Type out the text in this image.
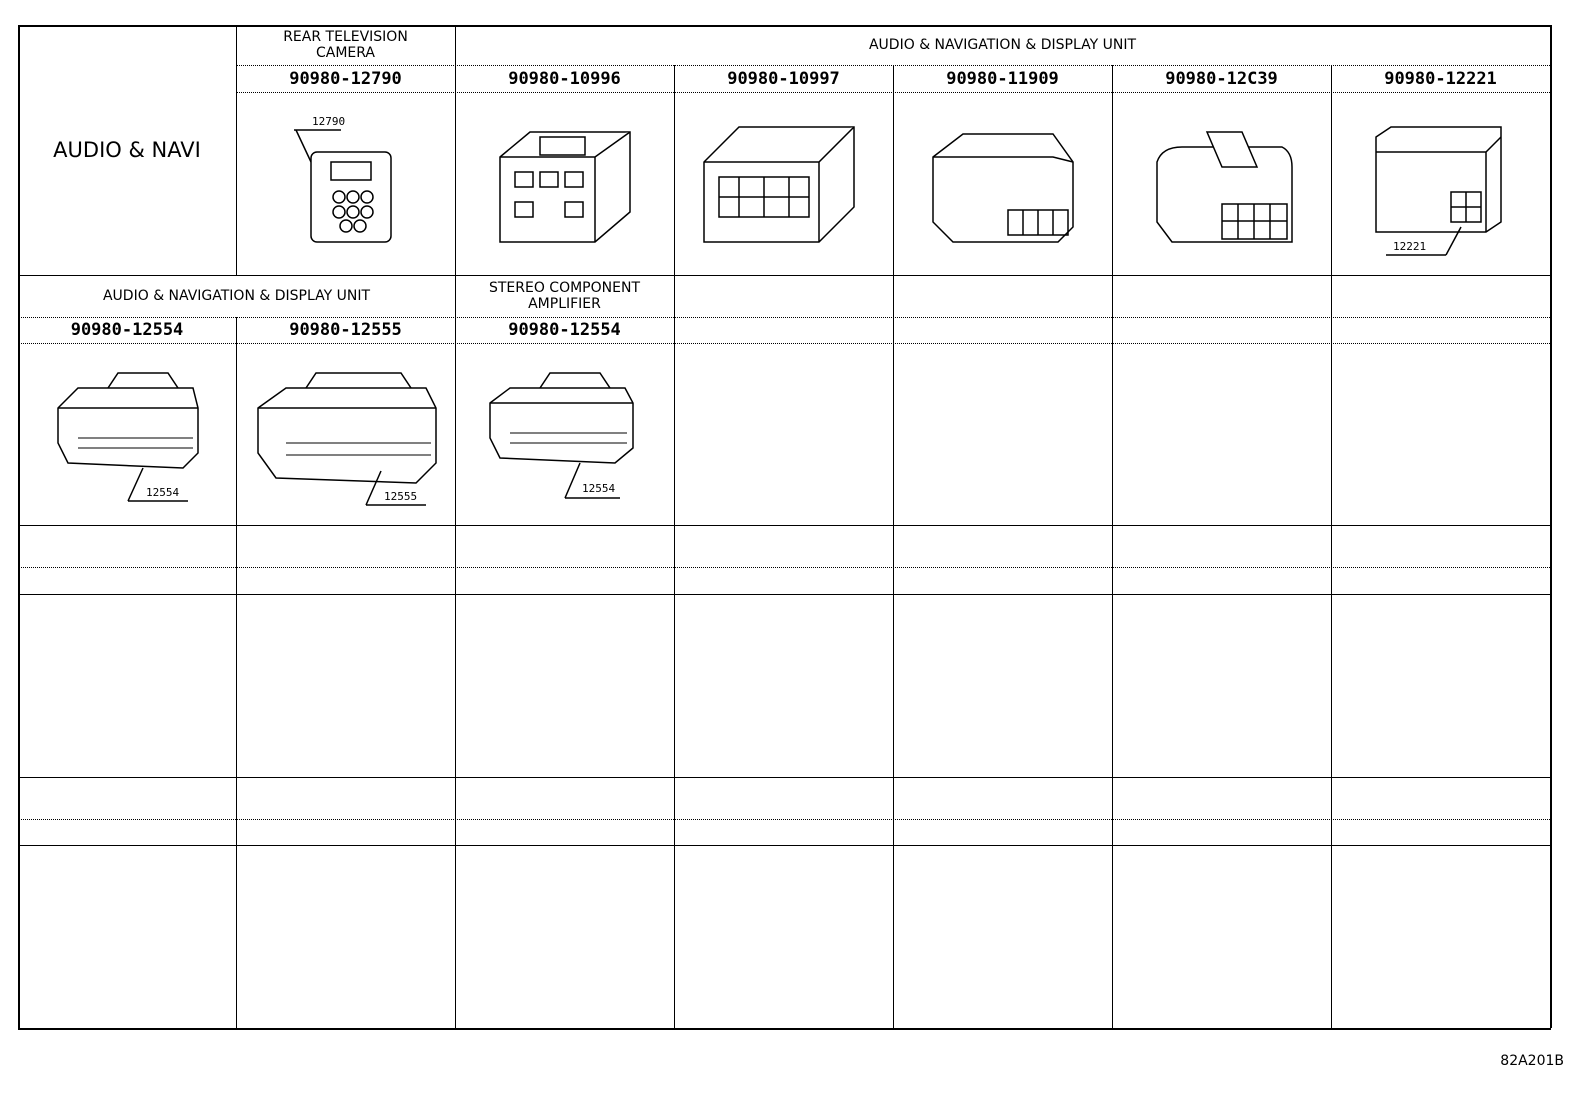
AUDIO & NAVI
REAR TELEVISION
CAMERA	AUDIO & NAVIGATION & DISPLAY UNIT
90980-12790	90980-10996	90980-10997	90980-11909	90980-12C39	90980-12221
AUDIO & NAVIGATION & DISPLAY UNIT	STEREO COMPONENT
AMPLIFIER
90980-12554	90980-12555	90980-12554
12790
12221
12554	12555
12554
82A201B
